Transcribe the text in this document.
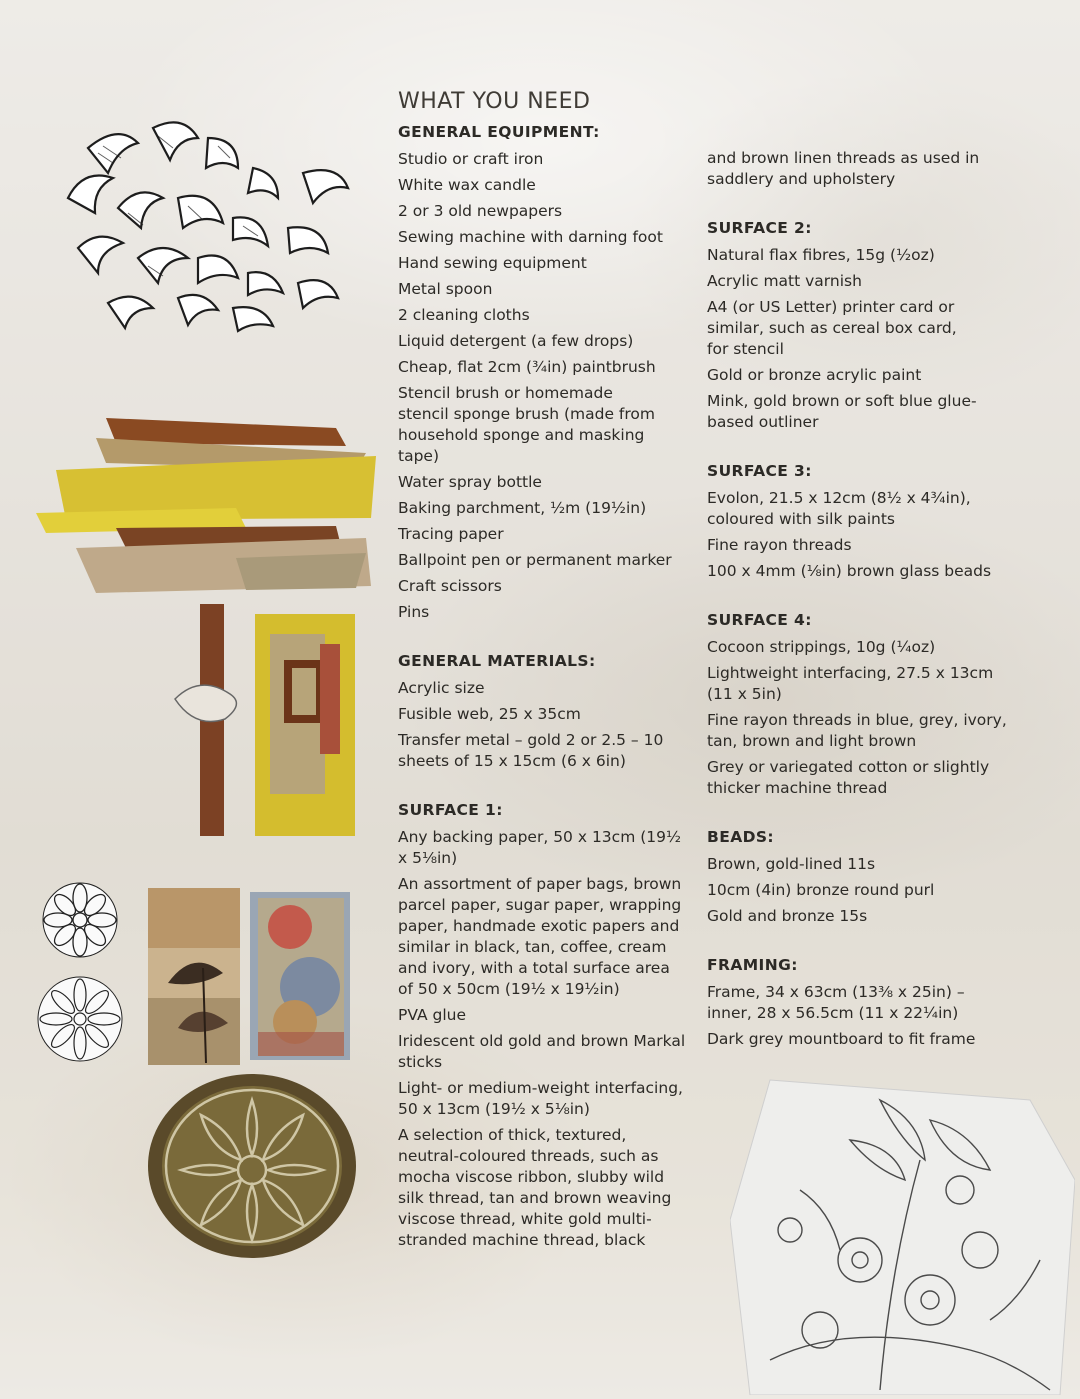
WHAT YOU NEED
GENERAL EQUIPMENT:
Studio or craft iron
White wax candle
2 or 3 old newpapers
Sewing machine with darning foot
Hand sewing equipment
Metal spoon
2 cleaning cloths
Liquid detergent (a few drops)
Cheap, flat 2cm (¾in) paintbrush
Stencil brush or homemade stencil sponge brush (made from household sponge and masking tape)
Water spray bottle
Baking parchment, ½m (19½in)
Tracing paper
Ballpoint pen or permanent marker
Craft scissors
Pins
GENERAL MATERIALS:
Acrylic size
Fusible web, 25 x 35cm
Transfer metal – gold 2 or 2.5 – 10 sheets of 15 x 15cm (6 x 6in)
SURFACE 1:
Any backing paper, 50 x 13cm (19½ x 5⅛in)
An assortment of paper bags, brown parcel paper, sugar paper, wrapping paper, handmade exotic papers and similar in black, tan, coffee, cream and ivory, with a total surface area of 50 x 50cm (19½ x 19½in)
PVA glue
Iridescent old gold and brown Markal sticks
Light- or medium-weight interfacing, 50 x 13cm (19½ x 5⅛in)
A selection of thick, textured, neutral-coloured threads, such as mocha viscose ribbon, slubby wild silk thread, tan and brown weaving viscose thread, white gold multi-stranded machine thread, black
and brown linen threads as used in saddlery and upholstery
SURFACE 2:
Natural flax fibres, 15g (½oz)
Acrylic matt varnish
A4 (or US Letter) printer card or similar, such as cereal box card, for stencil
Gold or bronze acrylic paint
Mink, gold brown or soft blue glue-based outliner
SURFACE 3:
Evolon, 21.5 x 12cm (8½ x 4¾in), coloured with silk paints
Fine rayon threads
100 x 4mm (⅛in) brown glass beads
SURFACE 4:
Cocoon strippings, 10g (¼oz)
Lightweight interfacing, 27.5 x 13cm (11 x 5in)
Fine rayon threads in blue, grey, ivory, tan, brown and light brown
Grey or variegated cotton or slightly thicker machine thread
BEADS:
Brown, gold-lined 11s
10cm (4in) bronze round purl
Gold and bronze 15s
FRAMING:
Frame, 34 x 63cm (13⅜ x 25in) – inner, 28 x 56.5cm (11 x 22¼in)
Dark grey mountboard to fit frame
